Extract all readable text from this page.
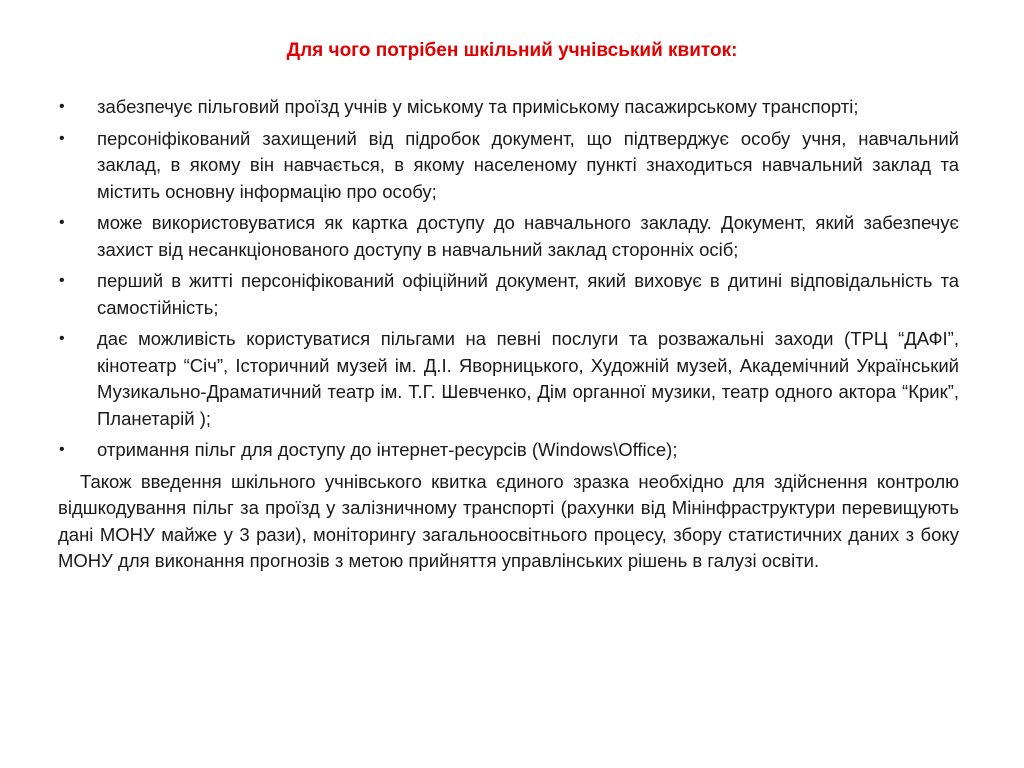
Для чого потрібен шкільний учнівський квиток:
• забезпечує пільговий проїзд учнів у міському та приміському пасажирському транспорті;
• персоніфікований захищений від підробок документ, що підтверджує особу учня, навчальний заклад, в якому він навчається, в якому населеному пункті знаходиться навчальний заклад та містить основну інформацію про особу;
• може використовуватися як картка доступу до навчального закладу. Документ, який забезпечує захист від несанкціонованого доступу в навчальний заклад сторонніх осіб;
• перший в житті персоніфікований офіційний документ, який виховує в дитині відповідальність та самостійність;
• дає можливість користуватися пільгами на певні послуги та розважальні заходи (ТРЦ “ДАФІ”, кінотеатр “Січ”, Історичний музей ім. Д.І. Яворницького, Художній музей, Академічний Український Музикально-Драматичний театр ім. Т.Г. Шевченко, Дім органної музики, театр одного актора “Крик”, Планетарій );
• отримання пільг для доступу до інтернет-ресурсів (Windows\Office);

Також введення шкільного учнівського квитка єдиного зразка необхідно для здійснення контролю відшкодування пільг за проїзд у залізничному транспорті (рахунки від Мінінфраструктури перевищують дані МОНУ майже у 3 рази), моніторингу загальноосвітнього процесу, збору статистичних даних з боку МОНУ для виконання прогнозів з метою прийняття управлінських рішень в галузі освіти.
